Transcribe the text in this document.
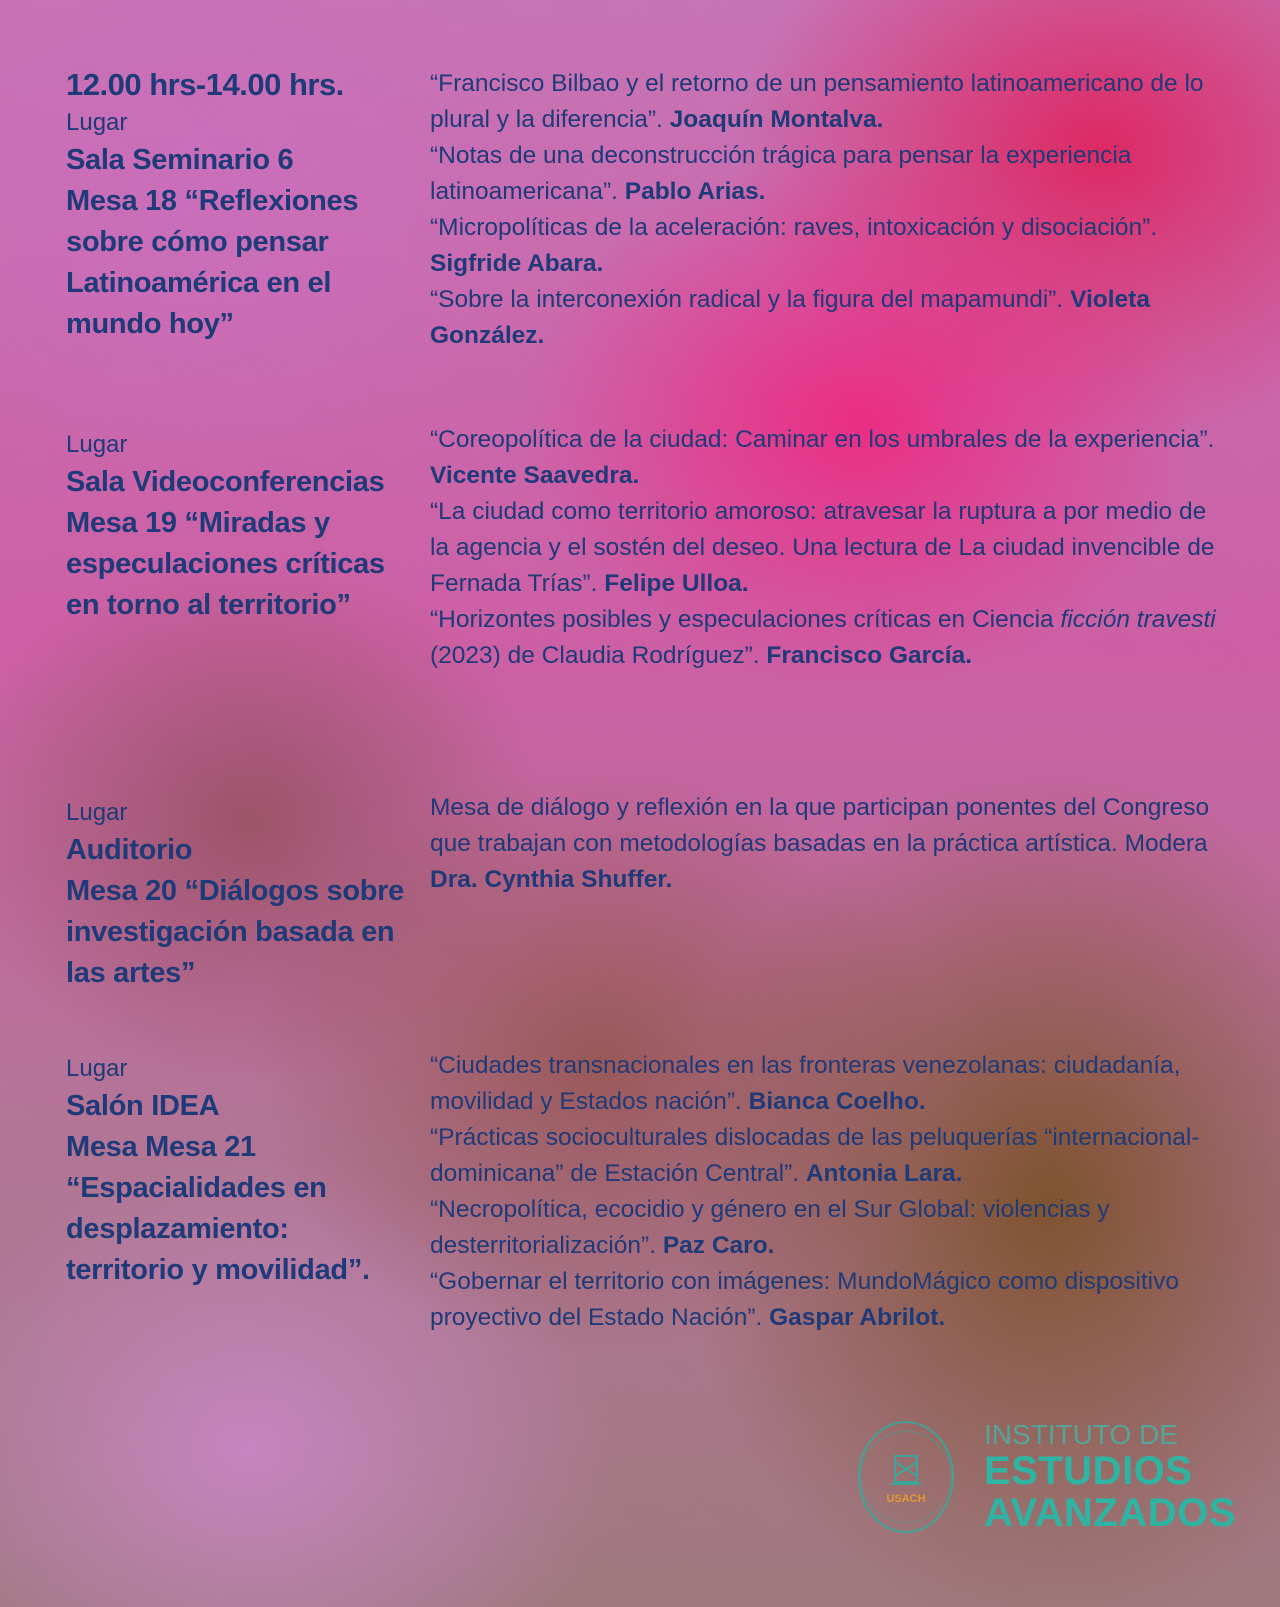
12.00 hrs-14.00 hrs.
Lugar
Sala Seminario 6
Mesa 18 “Reflexiones sobre cómo pensar Latinoamérica en el mundo hoy”
“Francisco Bilbao y el retorno de un pensamiento latinoamericano de lo plural y la diferencia”. Joaquín Montalva.
“Notas de una deconstrucción trágica para pensar la experiencia latinoamericana”. Pablo Arias.
“Micropolíticas de la aceleración: raves, intoxicación y disociación”. Sigfride Abara.
“Sobre la interconexión radical y la figura del mapamundi”. Violeta González.
Lugar
Sala Videoconferencias
Mesa 19 “Miradas y especulaciones críticas en torno al territorio”
“Coreopolítica de la ciudad: Caminar en los umbrales de la experiencia”. Vicente Saavedra.
“La ciudad como territorio amoroso: atravesar la ruptura a por medio de la agencia y el sostén del deseo. Una lectura de La ciudad invencible de Fernada Trías”. Felipe Ulloa.
“Horizontes posibles y especulaciones críticas en Ciencia ficción travesti (2023) de Claudia Rodríguez”. Francisco García.
Lugar
Auditorio
Mesa 20 “Diálogos sobre investigación basada en las artes”
Mesa de diálogo y reflexión en la que participan ponentes del Congreso que trabajan con metodologías basadas en la práctica artística. Modera Dra. Cynthia Shuffer.
Lugar
Salón IDEA
Mesa Mesa 21 “Espacialidades en desplazamiento: territorio y movilidad”.
“Ciudades transnacionales en las fronteras venezolanas: ciudadanía, movilidad y Estados nación”. Bianca Coelho.
“Prácticas socioculturales dislocadas de las peluquerías “internacional-dominicana” de Estación Central”. Antonia Lara.
“Necropolítica, ecocidio y género en el Sur Global: violencias y desterritorialización”. Paz Caro.
“Gobernar el territorio con imágenes: MundoMágico como dispositivo proyectivo del Estado Nación”. Gaspar Abrilot.
USACH
INSTITUTO DE
ESTUDIOS
AVANZADOS
